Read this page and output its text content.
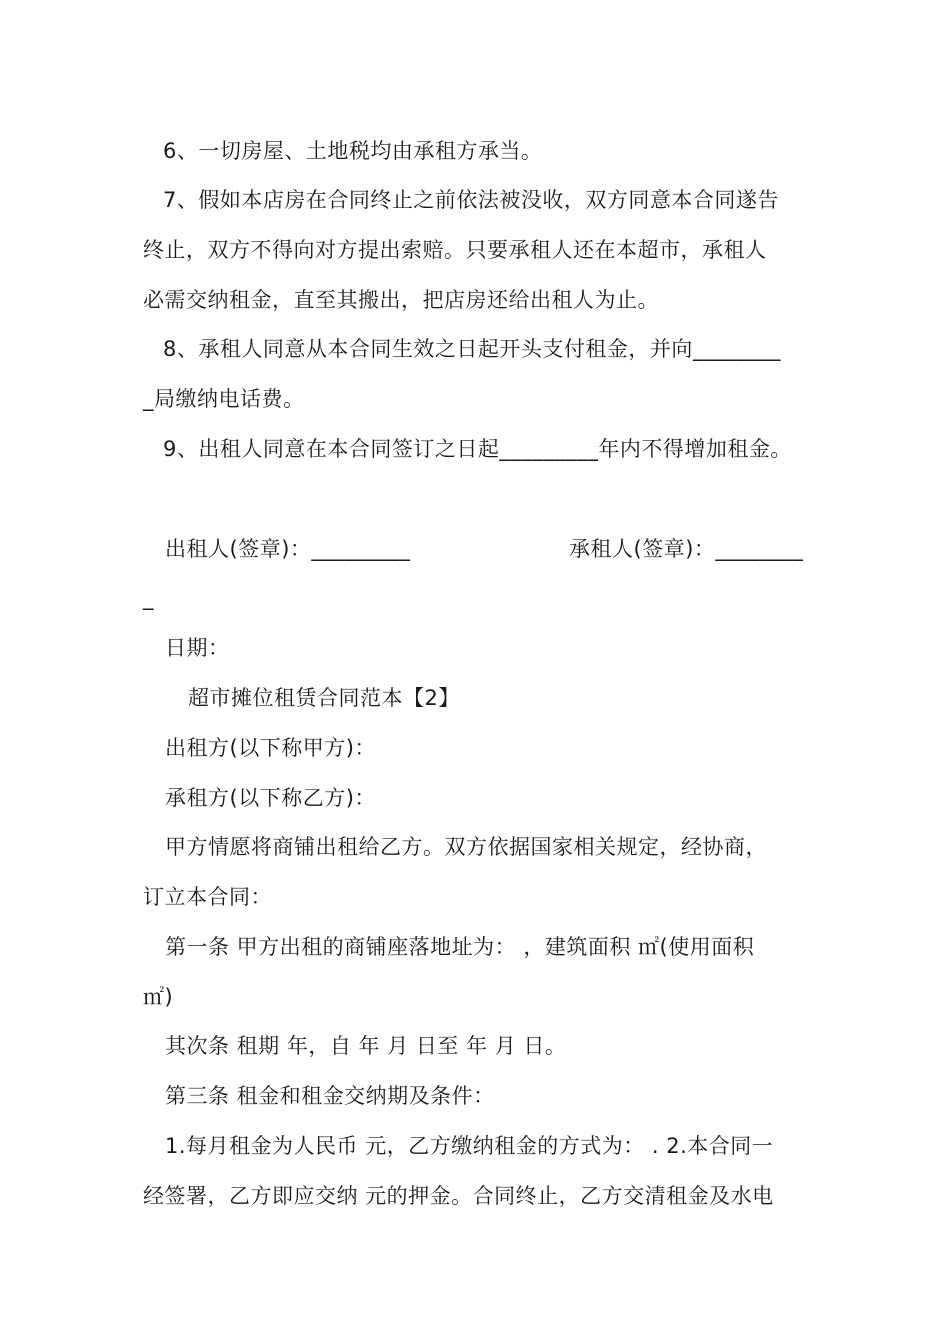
6、一切房屋、土地税均由承租方承当。
7、假如本店房在合同终止之前依法被没收，双方同意本合同遂告
终止，双方不得向对方提出索赔。只要承租人还在本超市，承租人
必需交纳租金，直至其搬出，把店房还给出租人为止。
8、承租人同意从本合同生效之日起开头支付租金，并向________
_局缴纳电话费。
9、出租人同意在本合同签订之日起_________年内不得增加租金。
出租人(签章)：_________	承租人(签章)：________
_
日期：
超市摊位租赁合同范本【2】
出租方(以下称甲方)：
承租方(以下称乙方)：
甲方情愿将商铺出租给乙方。双方依据国家相关规定，经协商，
订立本合同：
第一条 甲方出租的商铺座落地址为： ，建筑面积 ㎡(使用面积
㎡)
其次条 租期 年，自 年 月 日至 年 月 日。
第三条 租金和租金交纳期及条件：
1.每月租金为人民币 元，乙方缴纳租金的方式为： . 2.本合同一
经签署，乙方即应交纳 元的押金。合同终止，乙方交清租金及水电
